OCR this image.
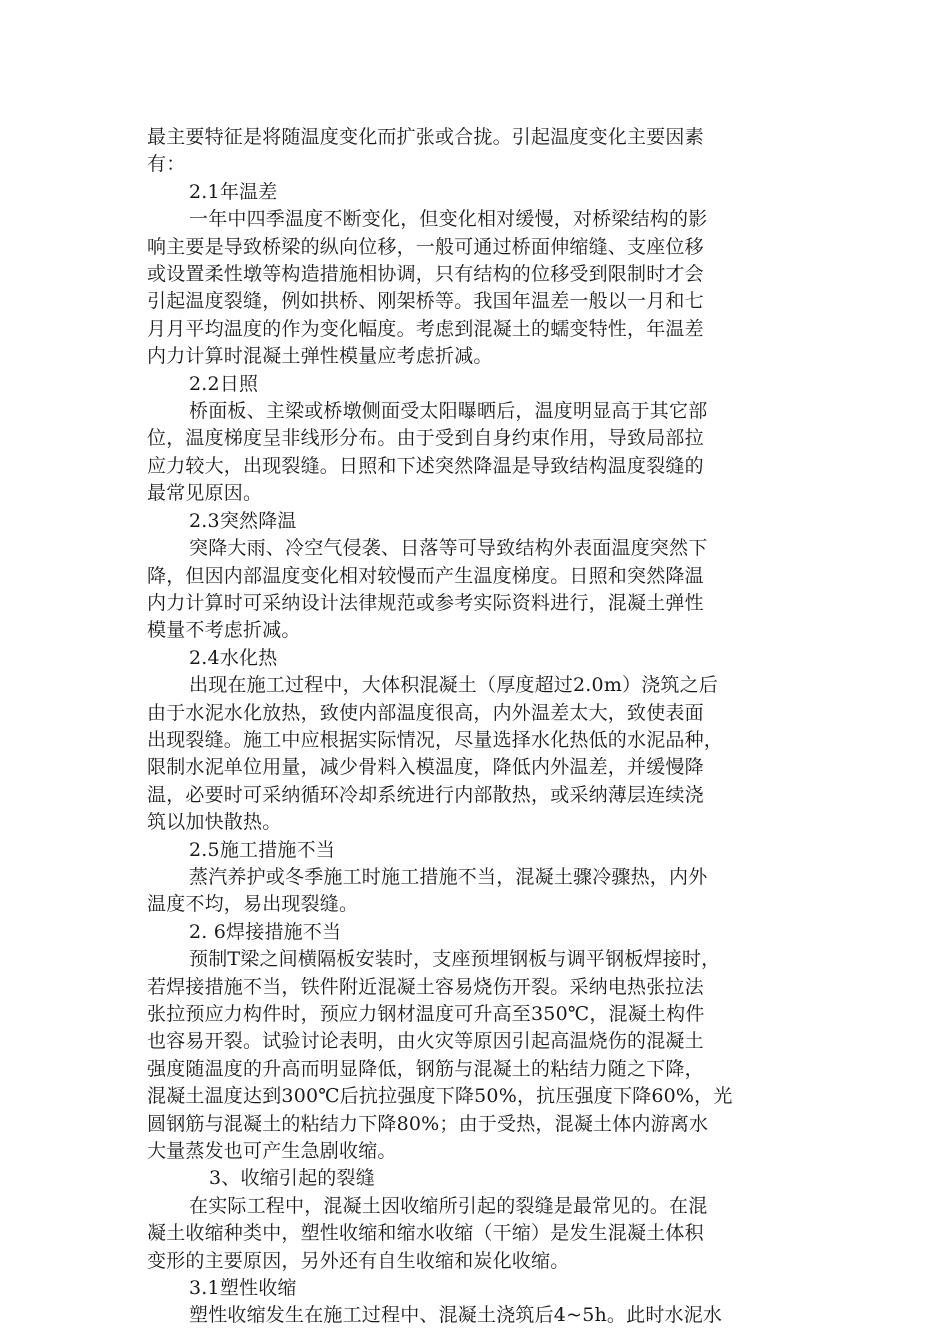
最主要特征是将随温度变化而扩张或合拢。引起温度变化主要因素
有：
2.1年温差
一年中四季温度不断变化，但变化相对缓慢，对桥梁结构的影
响主要是导致桥梁的纵向位移，一般可通过桥面伸缩缝、支座位移
或设置柔性墩等构造措施相协调，只有结构的位移受到限制时才会
引起温度裂缝，例如拱桥、刚架桥等。我国年温差一般以一月和七
月月平均温度的作为变化幅度。考虑到混凝土的蠕变特性，年温差
内力计算时混凝土弹性模量应考虑折减。
2.2日照
桥面板、主梁或桥墩侧面受太阳曝晒后，温度明显高于其它部
位，温度梯度呈非线形分布。由于受到自身约束作用，导致局部拉
应力较大，出现裂缝。日照和下述突然降温是导致结构温度裂缝的
最常见原因。
2.3突然降温
突降大雨、冷空气侵袭、日落等可导致结构外表面温度突然下
降，但因内部温度变化相对较慢而产生温度梯度。日照和突然降温
内力计算时可采纳设计法律规范或参考实际资料进行，混凝土弹性
模量不考虑折减。
2.4水化热
出现在施工过程中，大体积混凝土（厚度超过2.0m）浇筑之后
由于水泥水化放热，致使内部温度很高，内外温差太大，致使表面
出现裂缝。施工中应根据实际情况，尽量选择水化热低的水泥品种，
限制水泥单位用量，减少骨料入模温度，降低内外温差，并缓慢降
温，必要时可采纳循环冷却系统进行内部散热，或采纳薄层连续浇
筑以加快散热。
2.5施工措施不当
蒸汽养护或冬季施工时施工措施不当，混凝土骤冷骤热，内外
温度不均，易出现裂缝。
2. 6焊接措施不当
预制T梁之间横隔板安装时，支座预埋钢板与调平钢板焊接时，
若焊接措施不当，铁件附近混凝土容易烧伤开裂。采纳电热张拉法
张拉预应力构件时，预应力钢材温度可升高至350℃，混凝土构件
也容易开裂。试验讨论表明，由火灾等原因引起高温烧伤的混凝土
强度随温度的升高而明显降低，钢筋与混凝土的粘结力随之下降，
混凝土温度达到300℃后抗拉强度下降50%，抗压强度下降60%，光
圆钢筋与混凝土的粘结力下降80%；由于受热，混凝土体内游离水
大量蒸发也可产生急剧收缩。
3、收缩引起的裂缝
在实际工程中，混凝土因收缩所引起的裂缝是最常见的。在混
凝土收缩种类中，塑性收缩和缩水收缩（干缩）是发生混凝土体积
变形的主要原因，另外还有自生收缩和炭化收缩。
3.1塑性收缩
塑性收缩发生在施工过程中、混凝土浇筑后4~5h。此时水泥水
